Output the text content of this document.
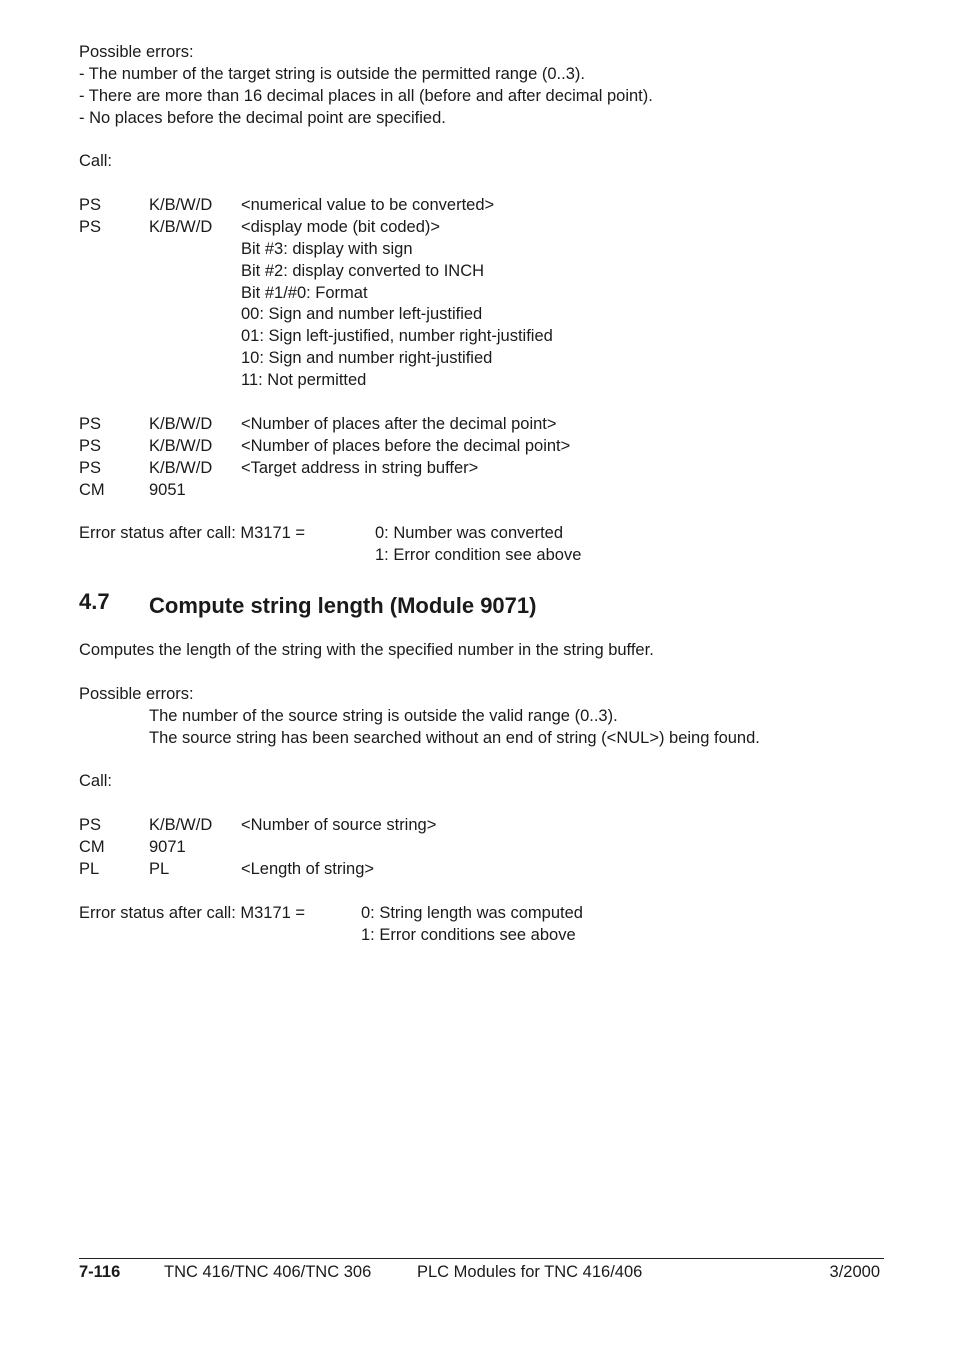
Possible errors:
- The number of the target string is outside the permitted range (0..3).
- There are more than 16 decimal places in all (before and after decimal point).
- No places before the decimal point are specified.
Call:
PS	K/B/W/D <numerical value to be converted>
PS	K/B/W/D <display mode (bit coded)>
Bit #3: display with sign
Bit #2: display converted to INCH
Bit #1/#0: Format
00: Sign and number left-justified
01: Sign left-justified, number right-justified
10: Sign and number right-justified
11: Not permitted
PS	K/B/W/D <Number of places after the decimal point>
PS	K/B/W/D <Number of places before the decimal point>
PS	K/B/W/D <Target address in string buffer>
CM	9051
Error status after call: M3171 =	0: Number was converted
1: Error condition see above
4.7 Compute string length (Module 9071)
Computes the length of the string with the specified number in the string buffer.
Possible errors:
The number of the source string is outside the valid range (0..3).
The source string has been searched without an end of string (<NUL>) being found.
Call:
PS	K/B/W/D <Number of source string>
CM	9071
PL	PL	<Length of string>
Error status after call: M3171 =	0: String length was computed
1: Error conditions see above
7-116	TNC 416/TNC 406/TNC 306	PLC Modules for TNC 416/406	3/2000
